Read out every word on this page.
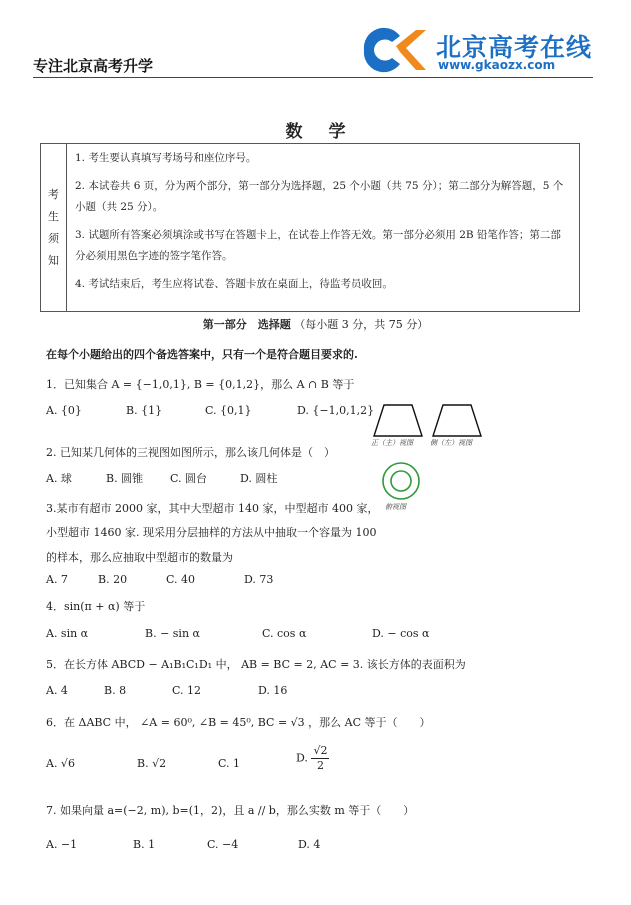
专注北京高考升学
北京高考在线
www.gkaozx.com
数学
考
生
须
知

1. 考生要认真填写考场号和座位序号。

2. 本试卷共 6 页，分为两个部分，第一部分为选择题，25 个小题（共 75 分）；第二部分为解答题，5 个小题（共 25 分）。

3. 试题所有答案必须填涂或书写在答题卡上，在试卷上作答无效。第一部分必须用 2B 铅笔作答；第二部分必须用黑色字迹的签字笔作答。

4. 考试结束后，考生应将试卷、答题卡放在桌面上，待监考员收回。

第一部分　选择题 （每小题 3 分，共 75 分）
在每个小题给出的四个备选答案中，只有一个是符合题目要求的.
1．已知集合 A = {−1,0,1}, B = {0,1,2}，那么 A ∩ B 等于
A. {0}	B. {1}	C. {0,1}	D. {−1,0,1,2}
正（主）视图 侧（左）视图
俯视图
2. 已知某几何体的三视图如图所示，那么该几何体是（　）
A. 球	B. 圆锥 C. 圆台	D. 圆柱
3.某市有超市 2000 家，其中大型超市 140 家，中型超市 400 家，
小型超市 1460 家. 现采用分层抽样的方法从中抽取一个容量为 100
的样本，那么应抽取中型超市的数量为
A. 7	B. 20	C. 40	D. 73
4．sin(π + α) 等于
A. sin α	B. − sin α	C. cos α	D. − cos α
5．在长方体 ABCD − A₁B₁C₁D₁ 中， AB = BC = 2, AC = 3. 该长方体的表面积为
A. 4	B. 8	C. 12	D. 16
6．在 ΔABC 中， ∠A = 60⁰, ∠B = 45⁰, BC = √3 ，那么 AC 等于（　　）
A. √6	B. √2	C. 1	D. $\frac{√2}{2}$
7. 如果向量 a=(−2, m), b=(1，2)，且 a // b，那么实数 m 等于（　　）
A. −1	B. 1	C. −4	D. 4
